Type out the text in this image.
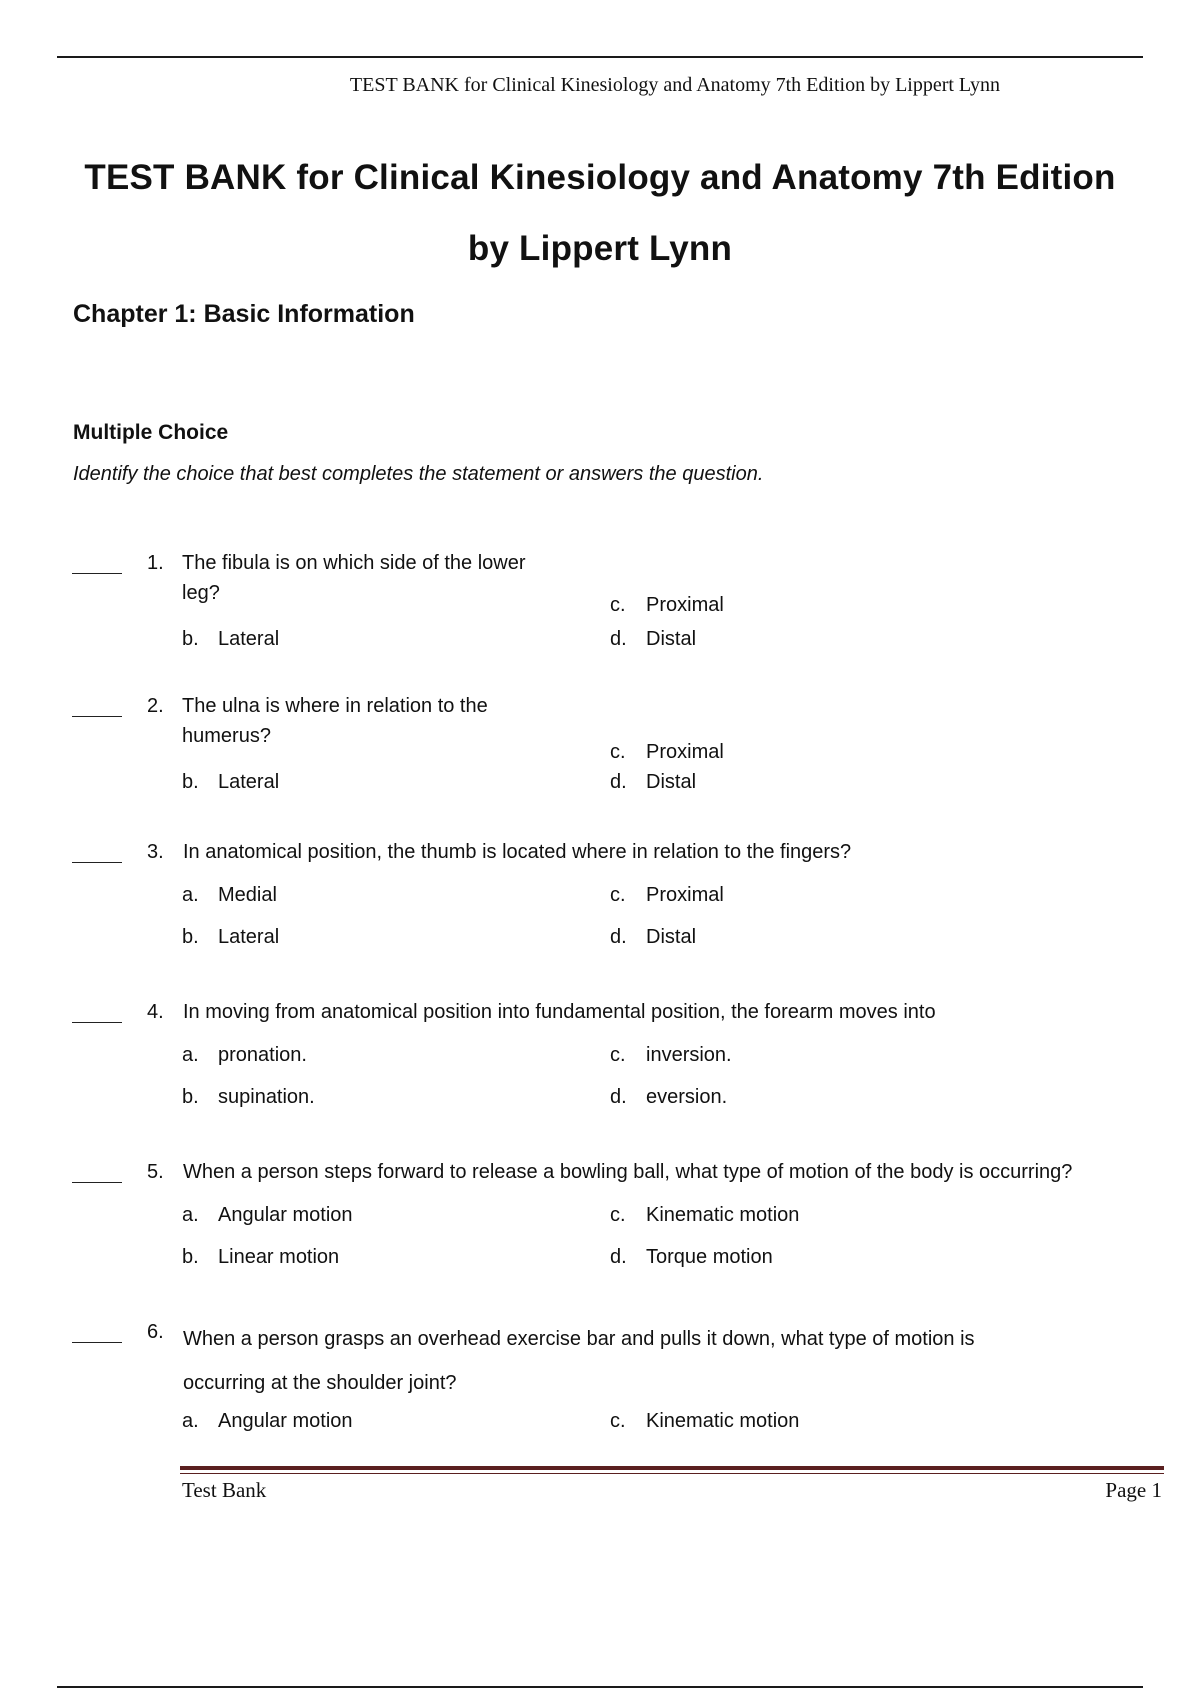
TEST BANK for Clinical Kinesiology and Anatomy 7th Edition by Lippert Lynn
TEST BANK for Clinical Kinesiology and Anatomy 7th Edition
by Lippert Lynn
Chapter 1: Basic Information
Multiple Choice
Identify the choice that best completes the statement or answers the question.
1. The fibula is on which side of the lower
leg?
c. Proximal
b. Lateral	d. Distal
2. The ulna is where in relation to the
humerus?
c. Proximal
b. Lateral	d. Distal
3. In anatomical position, the thumb is located where in relation to the fingers?
a. Medial	c. Proximal
b. Lateral	d. Distal
4. In moving from anatomical position into fundamental position, the forearm moves into
a. pronation.	c. inversion.
b. supination.	d. eversion.
5. When a person steps forward to release a bowling ball, what type of motion of the body is occurring?
a. Angular motion	c. Kinematic motion
b. Linear motion	d. Torque motion
6. When a person grasps an overhead exercise bar and pulls it down, what type of motion is
occurring at the shoulder joint?
a. Angular motion	c. Kinematic motion
Test Bank	Page 1
